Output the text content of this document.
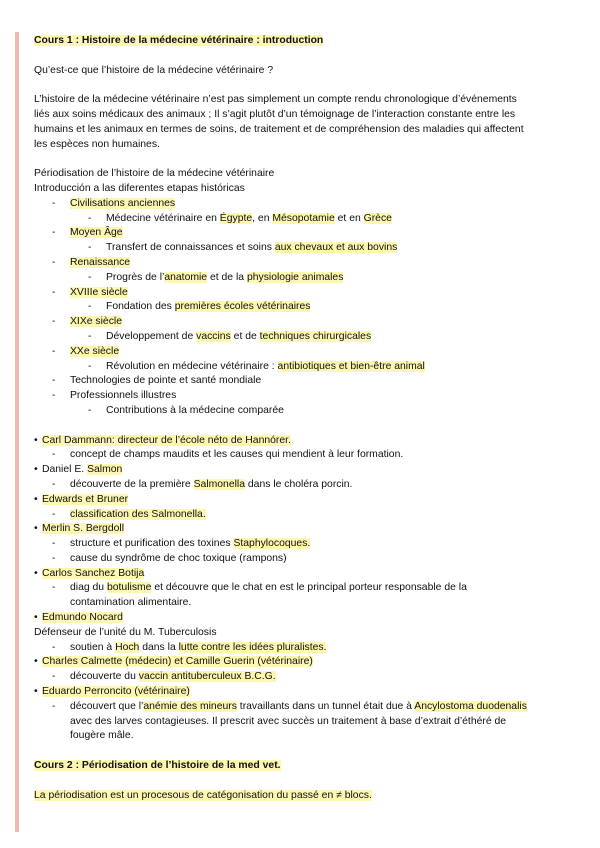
Cours 1 : Histoire de la médecine vétérinaire : introduction
Qu’est-ce que l’histoire de la médecine vétérinaire ?
L’histoire de la médecine vétérinaire n’est pas simplement un compte rendu chronologique d’événements
liés aux soins médicaux des animaux ; Il s’agit plutôt d’un témoignage de l’interaction constante entre les
humains et les animaux en termes de soins, de traitement et de compréhension des maladies qui affectent
les espèces non humaines.
Périodisation de l’histoire de la médecine vétérinaire
Introducción a las diferentes etapas históricas
- Civilisations anciennes
- Médecine vétérinaire en Égypte, en Mésopotamie et en Grèce
- Moyen Âge
- Transfert de connaissances et soins aux chevaux et aux bovins
- Renaissance
- Progrès de l’anatomie et de la physiologie animales
- XVIIIe siècle
- Fondation des premières écoles vétérinaires
- XIXe siècle
- Développement de vaccins et de techniques chirurgicales
- XXe siècle
- Révolution en médecine vétérinaire : antibiotiques et bien-être animal
- Technologies de pointe et santé mondiale
- Professionnels illustres
- Contributions à la médecine comparée
• Carl Dammann: directeur de l’école néto de Hannórer.
- concept de champs maudits et les causes qui mendient à leur formation.
• Daniel E. Salmon
- découverte de la première Salmonella dans le choléra porcin.
• Edwards et Bruner
- classification des Salmonella.
• Merlin S. Bergdoll
- structure et purification des toxines Staphylocoques.
- cause du syndrôme de choc toxique (rampons)
• Carlos Sanchez Botija
- diag du botulisme et découvre que le chat en est le principal porteur responsable de la
contamination alimentaire.
• Edmundo Nocard
Défenseur de l’unité du M. Tuberculosis
- soutien à Hoch dans la lutte contre les idées pluralistes.
• Charles Calmette (médecin) et Camille Guerin (vétérinaire)
- découverte du vaccin antituberculeux B.C.G.
• Eduardo Perroncito (vétérinaire)
- découvert que l’anémie des mineurs travaillants dans un tunnel était due à Ancylostoma duodenalis
avec des larves contagieuses. Il prescrit avec succès un traitement à base d’extrait d’éthéré de
fougère mâle.
Cours 2 : Périodisation de l’histoire de la med vet.
La périodisation est un procesous de catégonisation du passé en ≠ blocs.
